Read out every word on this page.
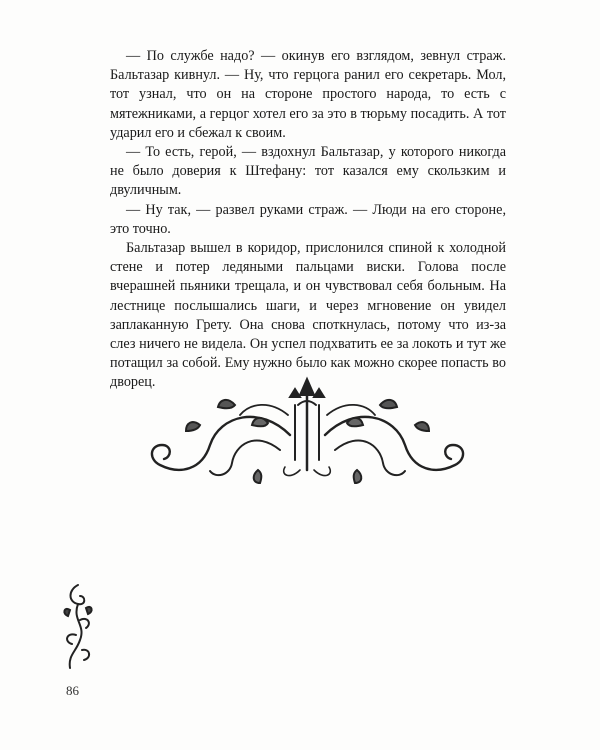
— По службе надо? — окинув его взглядом, зевнул страж. Бальтазар кивнул. — Ну, что герцога ранил его секретарь. Мол, тот узнал, что он на стороне простого народа, то есть с мятежниками, а герцог хотел его за это в тюрьму посадить. А тот ударил его и сбежал к своим.

— То есть, герой, — вздохнул Бальтазар, у которого никогда не было доверия к Штефану: тот казался ему скользким и двуличным.

— Ну так, — развел руками страж. — Люди на его стороне, это точно.

Бальтазар вышел в коридор, прислонился спиной к холодной стене и потер ледяными пальцами виски. Голова после вчерашней пьяники трещала, и он чувствовал себя больным. На лестнице послышались шаги, и через мгновение он увидел заплаканную Грету. Она снова споткнулась, потому что из-за слез ничего не видела. Он успел подхватить ее за локоть и тут же потащил за собой. Ему нужно было как можно скорее попасть во дворец.

86
